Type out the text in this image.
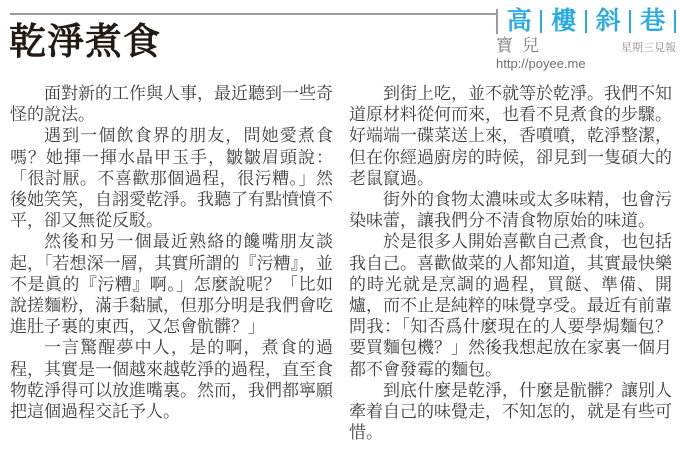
乾淨煮食
高 樓 斜 巷
寶兒	星期三見報
http://poyee.me

面對新的工作與人事，最近聽到一些奇怪的說法。

遇到一個飲食界的朋友，問她愛煮食嗎？她揮一揮水晶甲玉手，皺皺眉頭說：「很討厭。不喜歡那個過程，很污糟。」然後她笑笑，自詡愛乾淨。我聽了有點憤憤不平，卻又無從反駁。

然後和另一個最近熟絡的饞嘴朋友談起，「若想深一層，其實所謂的『污糟』，並不是眞的『污糟』啊。」怎麼說呢？「比如說搓麵粉，滿手黏膩，但那分明是我們會吃進肚子裏的東西，又怎會骯髒？」

一言驚醒夢中人，是的啊，煮食的過程，其實是一個越來越乾淨的過程，直至食物乾淨得可以放進嘴裏。然而，我們都寧願把這個過程交託予人。

到街上吃，並不就等於乾淨。我們不知道原材料從何而來，也看不見煮食的步驟。好端端一碟菜送上來，香噴噴，乾淨整潔，但在你經過廚房的時候，卻見到一隻碩大的老鼠竄過。

街外的食物太濃味或太多味精，也會污染味蕾，讓我們分不清食物原始的味道。

於是很多人開始喜歡自己煮食，也包括我自己。喜歡做菜的人都知道，其實最快樂的時光就是烹調的過程，買餸、準備、開爐，而不止是純粹的味覺享受。最近有前輩問我：「知否爲什麼現在的人要學焗麵包？要買麵包機？」然後我想起放在家裏一個月都不會發霉的麵包。

到底什麼是乾淨，什麼是骯髒？讓別人牽着自己的味覺走，不知怎的，就是有些可惜。
